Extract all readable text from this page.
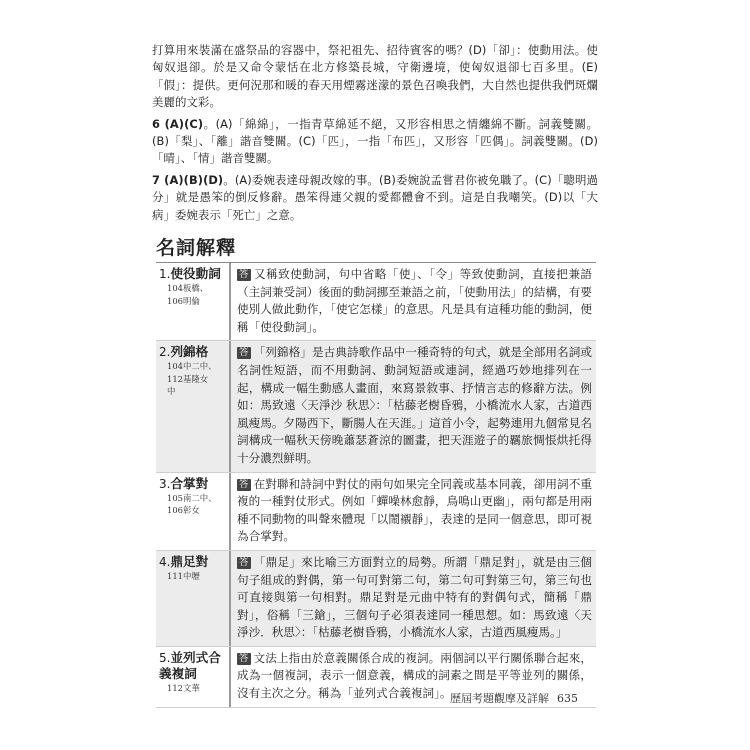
打算用來裝滿在盛祭品的容器中，祭祀祖先、招待賓客的嗎？(D)「卻」：使動用法。使匈奴退卻。於是又命令蒙恬在北方修築長城，守衛邊境，使匈奴退卻七百多里。(E)「假」：提供。更何況那和暖的春天用煙霧迷濛的景色召喚我們，大自然也提供我們斑爛美麗的文彩。

6 (A)(C)。(A)「綿綿」，一指青草綿延不絕，又形容相思之情纏綿不斷。詞義雙關。(B)「梨」、「離」諧音雙關。(C)「匹」，一指「布匹」，又形容「匹偶」。詞義雙關。(D)「晴」、「情」諧音雙關。

7 (A)(B)(D)。(A)委婉表達母親改嫁的事。(B)委婉說孟嘗君你被免職了。(C)「聰明過分」就是愚笨的倒反修辭。愚笨得連父親的愛都體會不到。這是自我嘲笑。(D)以「大病」委婉表示「死亡」之意。

名詞解釋
1.使役動詞
104板橋、
106明倫
答 又稱致使動詞，句中省略「使」、「令」等致使動詞，直接把兼語（主詞兼受詞）後面的動詞挪至兼語之前，「使動用法」的結構，有要使別人做此動作，「使它怎樣」的意思。凡是具有這種功能的動詞，便稱「使役動詞」。
2.列錦格
104中二中、
112基隆女
中
答 「列錦格」是古典詩歌作品中一種奇特的句式，就是全部用名詞或名詞性短語，而不用動詞、動詞短語或連詞，經過巧妙地排列在一起，構成一幅生動感人畫面，來寫景敘事、抒情言志的修辭方法。例如：馬致遠〈天淨沙 秋思〉：「枯藤老樹昏鴉，小橋流水人家，古道西風瘦馬。夕陽西下，斷腸人在天涯。」這首小令，起勢連用九個常見名詞構成一幅秋天傍晚蕭瑟蒼涼的圖畫，把天涯遊子的羈旅惆悵烘托得十分濃烈鮮明。
3.合掌對
105南二中、
106彰女
答 在對聯和詩詞中對仗的兩句如果完全同義或基本同義，卻用詞不重複的一種對仗形式。例如「蟬噪林愈靜，鳥鳴山更幽」，兩句都是用兩種不同動物的叫聲來體現「以鬧襯靜」，表達的是同一個意思，即可視為合掌對。
4.鼎足對
111中壢
答 「鼎足」來比喻三方面對立的局勢。所謂「鼎足對」，就是由三個句子組成的對偶，第一句可對第二句，第二句可對第三句，第三句也可直接與第一句相對。鼎足對是元曲中特有的對偶句式，簡稱「鼎對」，俗稱「三鎗」，三個句子必須表達同一種思想。如：馬致遠〈天淨沙．秋思〉：「枯藤老樹昏鴉，小橋流水人家，古道西風瘦馬。」
5.並列式合義複詞
112文華
答 文法上指由於意義關係合成的複詞。兩個詞以平行關係聯合起來，成為一個複詞，表示一個意義，構成的詞素之間是平等並列的關係，沒有主次之分。稱為「並列式合義複詞」。
歷屆考題觀摩及詳解 635
